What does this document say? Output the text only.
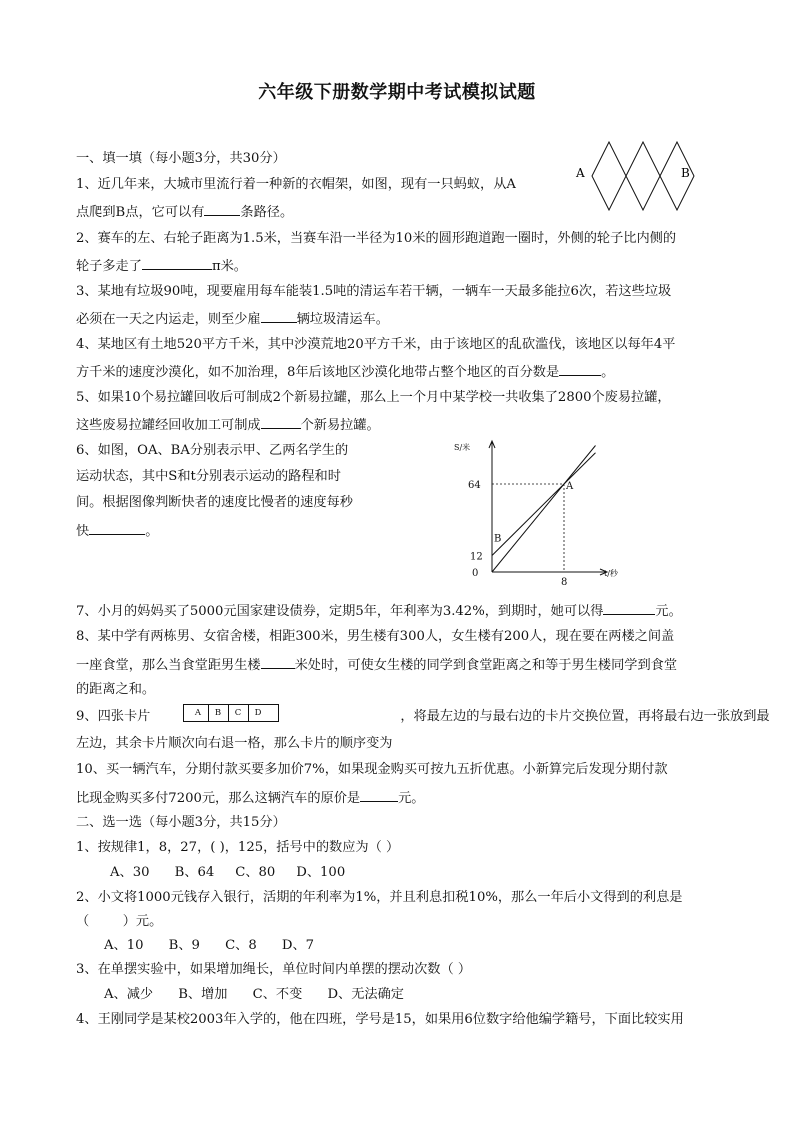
六年级下册数学期中考试模拟试题
一、填一填（每小题3分，共30分）
1、近几年来，大城市里流行着一种新的衣帽架，如图，现有一只蚂蚁，从A
点爬到B点，它可以有	条路径。
2、赛车的左、右轮子距离为1.5米，当赛车沿一半径为10米的圆形跑道跑一圈时，外侧的轮子比内侧的
轮子多走了	π米。
3、某地有垃圾90吨，现要雇用每车能装1.5吨的清运车若干辆，一辆车一天最多能拉6次，若这些垃圾
必须在一天之内运走，则至少雇	辆垃圾清运车。
4、某地区有土地520平方千米，其中沙漠荒地20平方千米，由于该地区的乱砍滥伐，该地区以每年4平
方千米的速度沙漠化，如不加治理，8年后该地区沙漠化地带占整个地区的百分数是	。
5、如果10个易拉罐回收后可制成2个新易拉罐，那么上一个月中某学校一共收集了2800个废易拉罐，
这些废易拉罐经回收加工可制成	个新易拉罐。
6、如图，OA、BA分别表示甲、乙两名学生的
运动状态，其中S和t分别表示运动的路程和时
间。根据图像判断快者的速度比慢者的速度每秒
快	。
7、小月的妈妈买了5000元国家建设债券，定期5年，年利率为3.42%，到期时，她可以得	元。
8、某中学有两栋男、女宿舍楼，相距300米，男生楼有300人，女生楼有200人，现在要在两楼之间盖
一座食堂，那么当食堂距男生楼	米处时，可使女生楼的同学到食堂距离之和等于男生楼同学到食堂
的距离之和。
9、四张卡片	，将最左边的与最右边的卡片交换位置，再将最右边一张放到最
A	B	C	D
左边，其余卡片顺次向右退一格，那么卡片的顺序变为
10、买一辆汽车，分期付款买要多加价7%，如果现金购买可按九五折优惠。小新算完后发现分期付款
比现金购买多付7200元，那么这辆汽车的原价是	元。
二、选一选（每小题3分，共15分）
1、按规律1，8，27，( )，125，括号中的数应为（ ）
A、30      B、64     C、80     D、100
2、小文将1000元钱存入银行，活期的年利率为1%，并且利息扣税10%，那么一年后小文得到的利息是
（        ）元。
A、10      B、9      C、8      D、7
3、在单摆实验中，如果增加绳长，单位时间内单摆的摆动次数（ ）
A、减少      B、增加      C、不变      D、无法确定
4、王刚同学是某校2003年入学的，他在四班，学号是15，如果用6位数字给他编学籍号，下面比较实用
A	B
S/米
t/秒
64
12
0
8
A
B
